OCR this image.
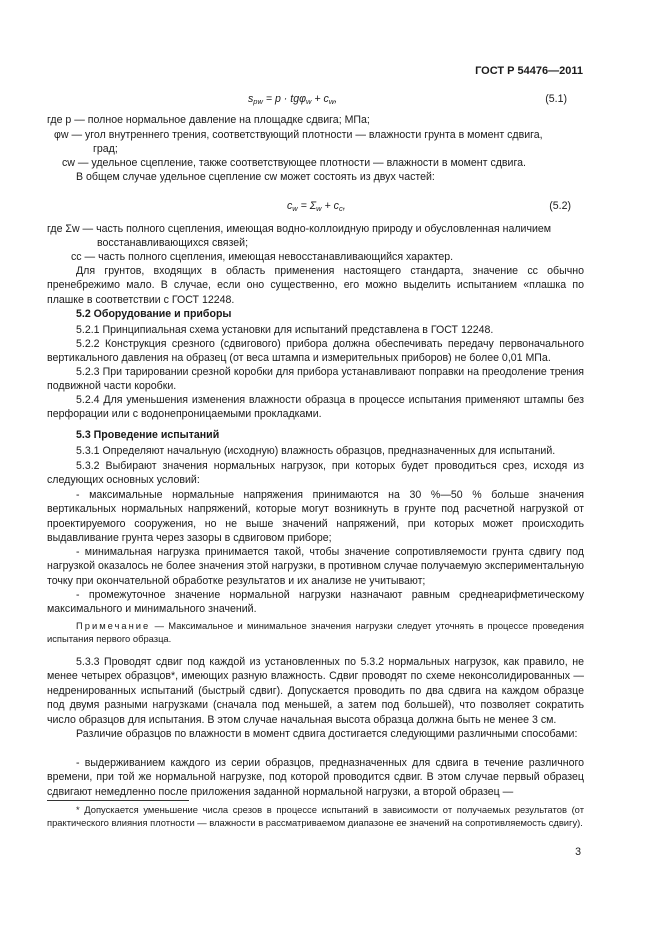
ГОСТ Р 54476—2011
$s_{pw} = p \cdot tg\varphi_w + c_w$,	(5.1)
где p — полное нормальное давление на площадке сдвига; МПа;
φw — угол внутреннего трения, соответствующий плотности — влажности грунта в момент сдвига,
град;
cw — удельное сцепление, также соответствующее плотности — влажности в момент сдвига.
В общем случае удельное сцепление cw может состоять из двух частей:
$c_w = \Sigma_w + c_c$,	(5.2)
где Σw — часть полного сцепления, имеющая водно-коллоидную природу и обусловленная наличием
восстанавливающихся связей;
cc — часть полного сцепления, имеющая невосстанавливающийся характер.
Для грунтов, входящих в область применения настоящего стандарта, значение cc обычно пренебрежимо мало. В случае, если оно существенно, его можно выделить испытанием «плашка по плашке в соответствии с ГОСТ 12248.
5.2 Оборудование и приборы
5.2.1 Принципиальная схема установки для испытаний представлена в ГОСТ 12248.
5.2.2 Конструкция срезного (сдвигового) прибора должна обеспечивать передачу первоначального вертикального давления на образец (от веса штампа и измерительных приборов) не более 0,01 МПа.
5.2.3 При тарировании срезной коробки для прибора устанавливают поправки на преодоление трения подвижной части коробки.
5.2.4 Для уменьшения изменения влажности образца в процессе испытания применяют штампы без перфорации или с водонепроницаемыми прокладками.
5.3 Проведение испытаний
5.3.1 Определяют начальную (исходную) влажность образцов, предназначенных для испытаний.
5.3.2 Выбирают значения нормальных нагрузок, при которых будет проводиться срез, исходя из следующих основных условий:
- максимальные нормальные напряжения принимаются на 30 %—50 % больше значения вертикальных нормальных напряжений, которые могут возникнуть в грунте под расчетной нагрузкой от проектируемого сооружения, но не выше значений напряжений, при которых может происходить выдавливание грунта через зазоры в сдвиговом приборе;
- минимальная нагрузка принимается такой, чтобы значение сопротивляемости грунта сдвигу под нагрузкой оказалось не более значения этой нагрузки, в противном случае получаемую экспериментальную точку при окончательной обработке результатов и их анализе не учитывают;
- промежуточное значение нормальной нагрузки назначают равным среднеарифметическому максимального и минимального значений.
Примечание — Максимальное и минимальное значения нагрузки следует уточнять в процессе проведения испытания первого образца.
5.3.3 Проводят сдвиг под каждой из установленных по 5.3.2 нормальных нагрузок, как правило, не менее четырех образцов*, имеющих разную влажность. Сдвиг проводят по схеме неконсолидированных — недренированных испытаний (быстрый сдвиг). Допускается проводить по два сдвига на каждом образце под двумя разными нагрузками (сначала под меньшей, а затем под большей), что позволяет сократить число образцов для испытания. В этом случае начальная высота образца должна быть не менее 3 см.
Различие образцов по влажности в момент сдвига достигается следующими различными способами:
- выдерживанием каждого из серии образцов, предназначенных для сдвига в течение различного времени, при той же нормальной нагрузке, под которой проводится сдвиг. В этом случае первый образец сдвигают немедленно после приложения заданной нормальной нагрузки, а второй образец —
* Допускается уменьшение числа срезов в процессе испытаний в зависимости от получаемых результатов (от практического влияния плотности — влажности в рассматриваемом диапазоне ее значений на сопротивляемость сдвигу).
3
